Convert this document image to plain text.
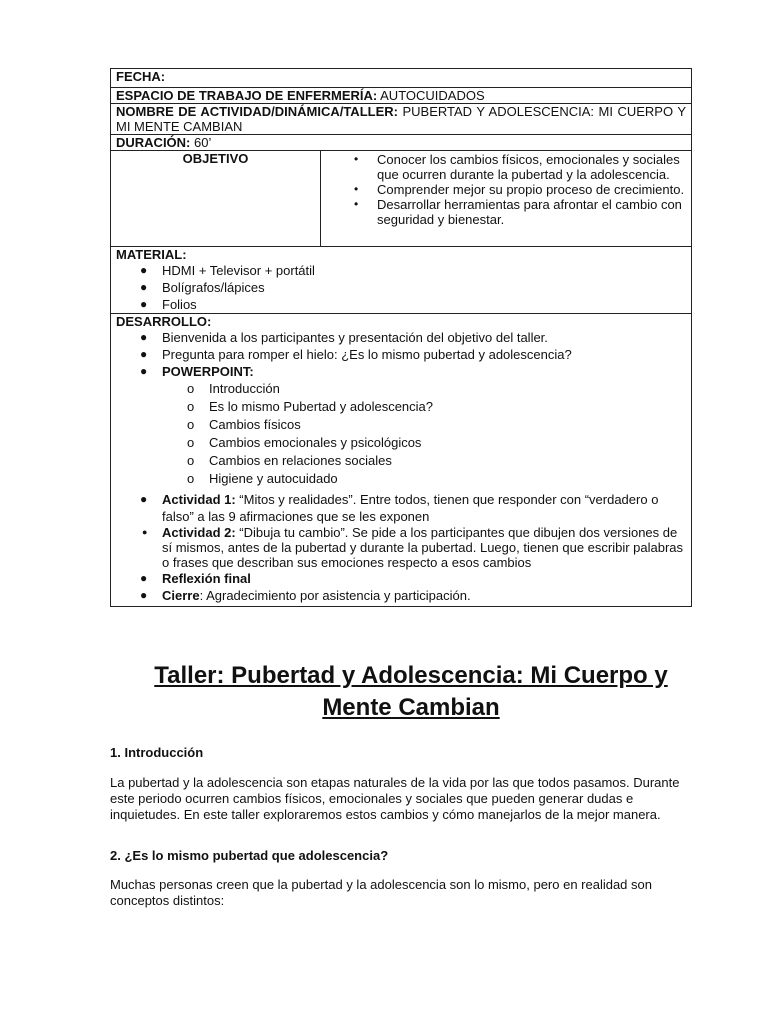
FECHA:
ESPACIO DE TRABAJO DE ENFERMERÍA: AUTOCUIDADOS
NOMBRE DE ACTIVIDAD/DINÁMICA/TALLER: PUBERTAD Y ADOLESCENCIA: MI CUERPO Y MI MENTE CAMBIAN
DURACIÓN: 60’
OBJETIVO	
•Conocer los cambios físicos, emocionales y sociales que ocurren durante la pubertad y la adolescencia.
• Comprender mejor su propio proceso de crecimiento.
• Desarrollar herramientas para afrontar el cambio con seguridad y bienestar.

MATERIAL:
● HDMI + Televisor + portátil
● Bolígrafos/lápices
● Folios

DESARROLLO:
● Bienvenida a los participantes y presentación del objetivo del taller.
● Pregunta para romper el hielo: ¿Es lo mismo pubertad y adolescencia?
● POWERPOINT:
o Introducción
o Es lo mismo Pubertad y adolescencia?
o Cambios físicos
o Cambios emocionales y psicológicos
o Cambios en relaciones sociales
o Higiene y autocuidado
● Actividad 1: “Mitos y realidades”. Entre todos, tienen que responder con “verdadero o falso” a las 9 afirmaciones que se les exponen
● Actividad 2: “Dibuja tu cambio”. Se pide a los participantes que dibujen dos versiones de sí mismos, antes de la pubertad y durante la pubertad. Luego, tienen que escribir palabras o frases que describan sus emociones respecto a esos cambios
● Reflexión final
● Cierre: Agradecimiento por asistencia y participación.
Taller: Pubertad y Adolescencia: Mi Cuerpo y
Mente Cambian
1. Introducción
La pubertad y la adolescencia son etapas naturales de la vida por las que todos pasamos. Durante este periodo ocurren cambios físicos, emocionales y sociales que pueden generar dudas e inquietudes. En este taller exploraremos estos cambios y cómo manejarlos de la mejor manera.
2. ¿Es lo mismo pubertad que adolescencia?
Muchas personas creen que la pubertad y la adolescencia son lo mismo, pero en realidad son conceptos distintos:
